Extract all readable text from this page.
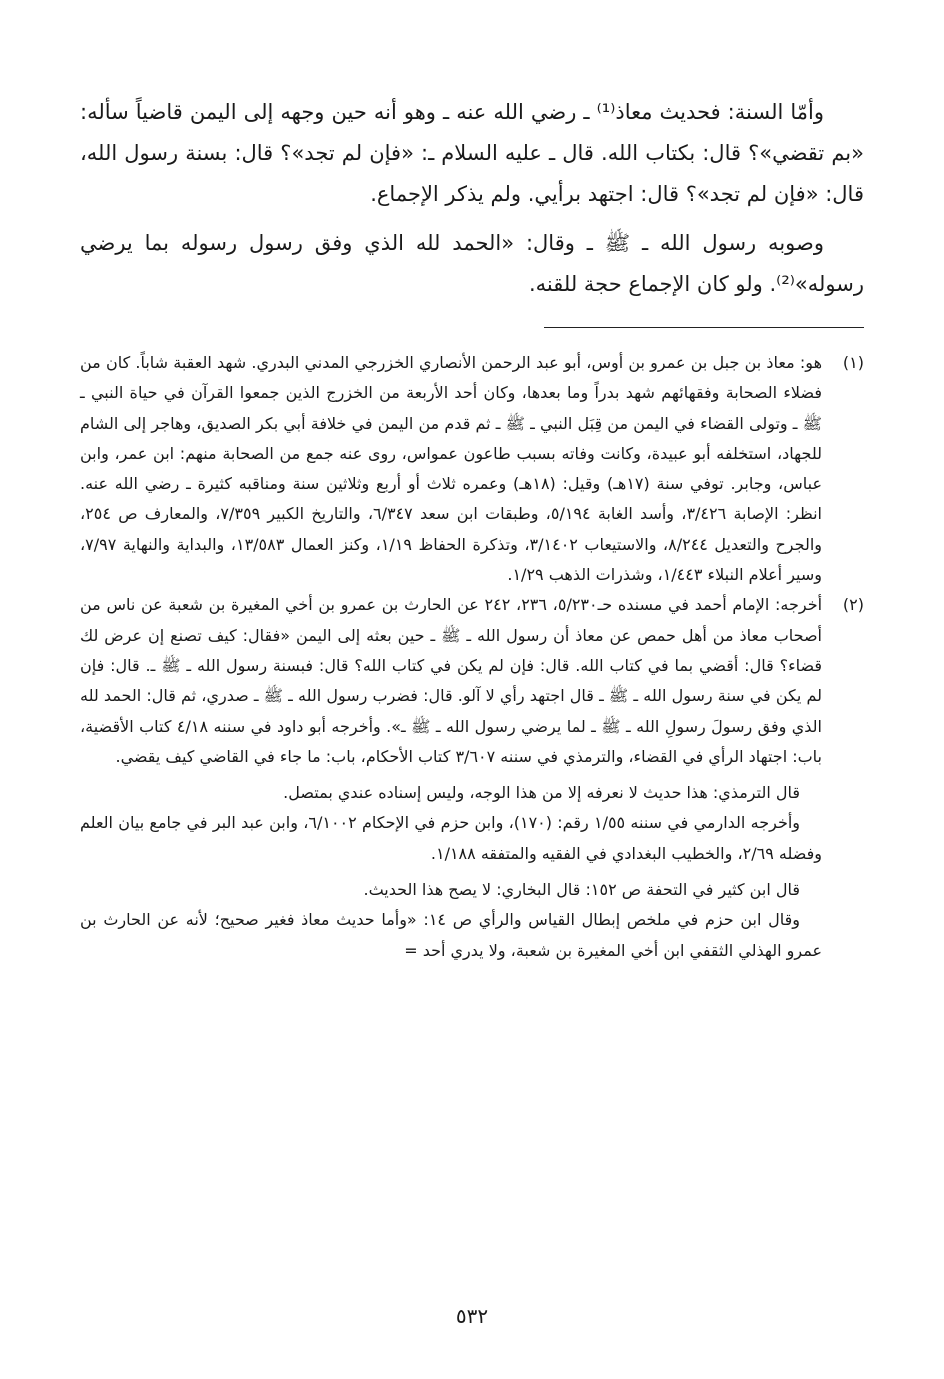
وأمّا السنة: فحديث معاذ⁽¹⁾ ـ رضي الله عنه ـ وهو أنه حين وجهه إلى اليمن قاضياً سأله: «بم تقضي»؟ قال: بكتاب الله. قال ـ عليه السلام ـ: «فإن لم تجد»؟ قال: بسنة رسول الله، قال: «فإن لم تجد»؟ قال: اجتهد برأيي. ولم يذكر الإجماع.

وصوبه رسول الله ـ ﷺ ـ وقال: «الحمد لله الذي وفق رسول رسوله بما يرضي رسوله»⁽²⁾. ولو كان الإجماع حجة للقنه.

(١)

هو: معاذ بن جبل بن عمرو بن أوس، أبو عبد الرحمن الأنصاري الخزرجي المدني البدري. شهد العقبة شاباً. كان من فضلاء الصحابة وفقهائهم شهد بدراً وما بعدها، وكان أحد الأربعة من الخزرج الذين جمعوا القرآن في حياة النبي ـ ﷺ ـ وتولى القضاء في اليمن من قِبَل النبي ـ ﷺ ـ ثم قدم من اليمن في خلافة أبي بكر الصديق، وهاجر إلى الشام للجهاد، استخلفه أبو عبيدة، وكانت وفاته بسبب طاعون عمواس، روى عنه جمع من الصحابة منهم: ابن عمر، وابن عباس، وجابر. توفي سنة (١٧هـ) وقيل: (١٨هـ) وعمره ثلاث أو أربع وثلاثين سنة ومناقبه كثيرة ـ رضي الله عنه. انظر: الإصابة ٣/٤٢٦، وأسد الغابة ٥/١٩٤، وطبقات ابن سعد ٦/٣٤٧، والتاريخ الكبير ٧/٣٥٩، والمعارف ص ٢٥٤، والجرح والتعديل ٨/٢٤٤، والاستيعاب ٣/١٤٠٢، وتذكرة الحفاظ ١/١٩، وكنز العمال ١٣/٥٨٣، والبداية والنهاية ٧/٩٧، وسير أعلام النبلاء ١/٤٤٣، وشذرات الذهب ١/٢٩.

(٢)

أخرجه: الإمام أحمد في مسنده حـ٥/٢٣٠، ٢٣٦، ٢٤٢ عن الحارث بن عمرو بن أخي المغيرة بن شعبة عن ناس من أصحاب معاذ من أهل حمص عن معاذ أن رسول الله ـ ﷺ ـ حين بعثه إلى اليمن «فقال: كيف تصنع إن عرض لك قضاء؟ قال: أقضي بما في كتاب الله. قال: فإن لم يكن في كتاب الله؟ قال: فبسنة رسول الله ـ ﷺ ـ. قال: فإن لم يكن في سنة رسول الله ـ ﷺ ـ قال اجتهد رأي لا آلو. قال: فضرب رسول الله ـ ﷺ ـ صدري، ثم قال: الحمد لله الذي وفق رسولَ رسولِ الله ـ ﷺ ـ لما يرضي رسول الله ـ ﷺ ـ». وأخرجه أبو داود في سننه ٤/١٨ كتاب الأقضية، باب: اجتهاد الرأي في القضاء، والترمذي في سننه ٣/٦٠٧ كتاب الأحكام، باب: ما جاء في القاضي كيف يقضي.

قال الترمذي: هذا حديث لا نعرفه إلا من هذا الوجه، وليس إسناده عندي بمتصل.

وأخرجه الدارمي في سننه ١/٥٥ رقم: (١٧٠)، وابن حزم في الإحكام ٦/١٠٠٢، وابن عبد البر في جامع بيان العلم وفضله ٢/٦٩، والخطيب البغدادي في الفقيه والمتفقه ١/١٨٨.

قال ابن كثير في التحفة ص ١٥٢: قال البخاري: لا يصح هذا الحديث.

وقال ابن حزم في ملخص إبطال القياس والرأي ص ١٤: «وأما حديث معاذ فغير صحيح؛ لأنه عن الحارث بن عمرو الهذلي الثقفي ابن أخي المغيرة بن شعبة، ولا يدري أحد =

٥٣٢
